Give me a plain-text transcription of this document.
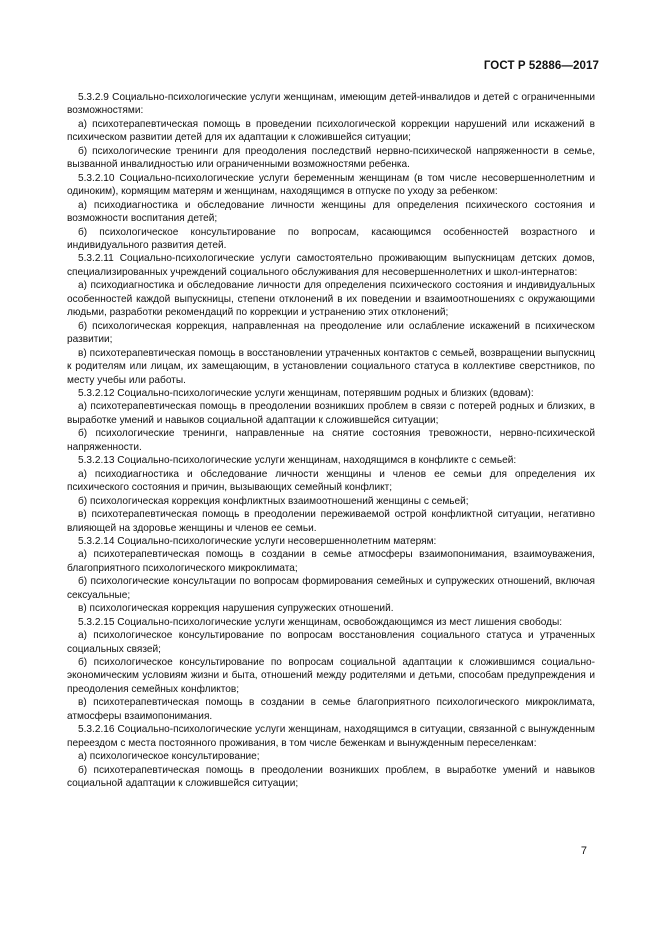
ГОСТ Р 52886—2017

5.3.2.9 Социально-психологические услуги женщинам, имеющим детей-инвалидов и детей с ограниченными возможностями:

а) психотерапевтическая помощь в проведении психологической коррекции нарушений или искажений в психическом развитии детей для их адаптации к сложившейся ситуации;

б) психологические тренинги для преодоления последствий нервно-психической напряженности в семье, вызванной инвалидностью или ограниченными возможностями ребенка.

5.3.2.10 Социально-психологические услуги беременным женщинам (в том числе несовершеннолетним и одиноким), кормящим матерям и женщинам, находящимся в отпуске по уходу за ребенком:

а) психодиагностика и обследование личности женщины для определения психического состояния и возможности воспитания детей;

б) психологическое консультирование по вопросам, касающимся особенностей возрастного и индивидуального развития детей.

5.3.2.11 Социально-психологические услуги самостоятельно проживающим выпускницам детских домов, специализированных учреждений социального обслуживания для несовершеннолетних и школ-интернатов:

а) психодиагностика и обследование личности для определения психического состояния и индивидуальных особенностей каждой выпускницы, степени отклонений в их поведении и взаимоотношениях с окружающими людьми, разработки рекомендаций по коррекции и устранению этих отклонений;

б) психологическая коррекция, направленная на преодоление или ослабление искажений в психическом развитии;

в) психотерапевтическая помощь в восстановлении утраченных контактов с семьей, возвращении выпускниц к родителям или лицам, их замещающим, в установлении социального статуса в коллективе сверстников, по месту учебы или работы.

5.3.2.12 Социально-психологические услуги женщинам, потерявшим родных и близких (вдовам):

а) психотерапевтическая помощь в преодолении возникших проблем в связи с потерей родных и близких, в выработке умений и навыков социальной адаптации к сложившейся ситуации;

б) психологические тренинги, направленные на снятие состояния тревожности, нервно-психической напряженности.

5.3.2.13 Социально-психологические услуги женщинам, находящимся в конфликте с семьей:

а) психодиагностика и обследование личности женщины и членов ее семьи для определения их психического состояния и причин, вызывающих семейный конфликт;

б) психологическая коррекция конфликтных взаимоотношений женщины с семьей;

в) психотерапевтическая помощь в преодолении переживаемой острой конфликтной ситуации, негативно влияющей на здоровье женщины и членов ее семьи.

5.3.2.14 Социально-психологические услуги несовершеннолетним матерям:

а) психотерапевтическая помощь в создании в семье атмосферы взаимопонимания, взаимоуважения, благоприятного психологического микроклимата;

б) психологические консультации по вопросам формирования семейных и супружеских отношений, включая сексуальные;

в) психологическая коррекция нарушения супружеских отношений.

5.3.2.15 Социально-психологические услуги женщинам, освобождающимся из мест лишения свободы:

а) психологическое консультирование по вопросам восстановления социального статуса и утраченных социальных связей;

б) психологическое консультирование по вопросам социальной адаптации к сложившимся социально-экономическим условиям жизни и быта, отношений между родителями и детьми, способам предупреждения и преодоления семейных конфликтов;

в) психотерапевтическая помощь в создании в семье благоприятного психологического микроклимата, атмосферы взаимопонимания.

5.3.2.16 Социально-психологические услуги женщинам, находящимся в ситуации, связанной с вынужденным переездом с места постоянного проживания, в том числе беженкам и вынужденным переселенкам:

а) психологическое консультирование;

б) психотерапевтическая помощь в преодолении возникших проблем, в выработке умений и навыков социальной адаптации к сложившейся ситуации;

7
